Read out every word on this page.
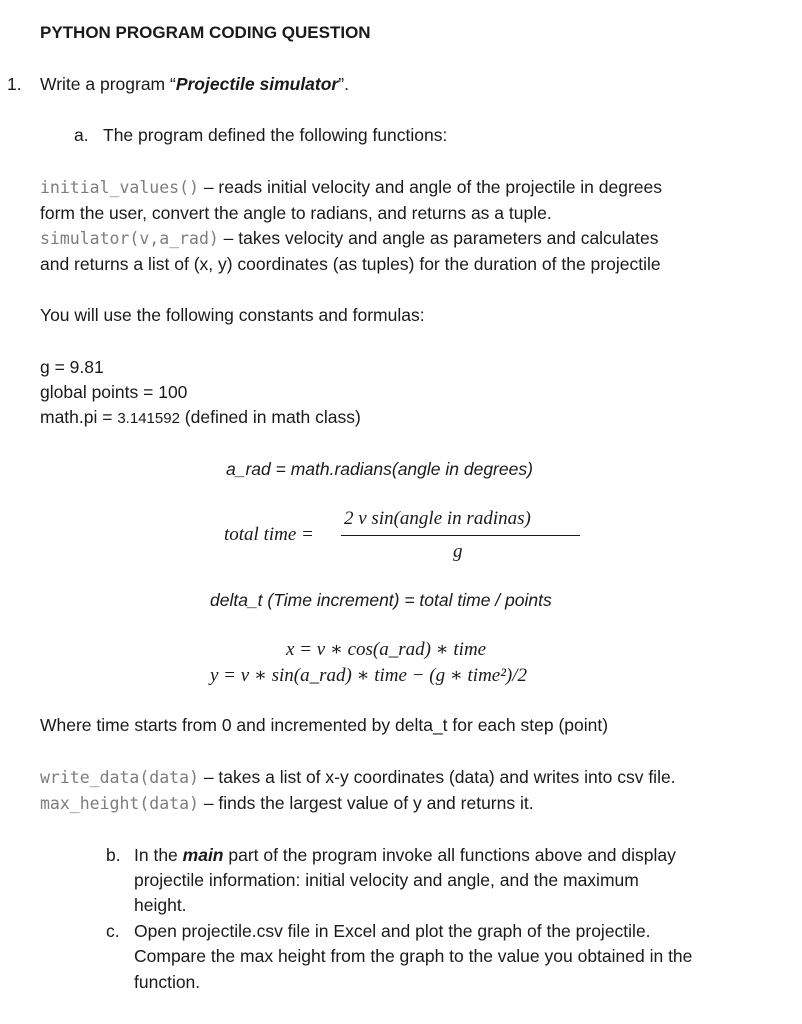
PYTHON PROGRAM CODING QUESTION
1. Write a program “Projectile simulator”.
a. The program defined the following functions:
initial_values() – reads initial velocity and angle of the projectile in degrees
form the user, convert the angle to radians, and returns as a tuple.
simulator(v,a_rad) – takes velocity and angle as parameters and calculates
and returns a list of (x, y) coordinates (as tuples) for the duration of the projectile
You will use the following constants and formulas:
g = 9.81
global points = 100
math.pi = 3.141592 (defined in math class)
a_rad = math.radians(angle in degrees)
total time =
2 v sin(angle in radinas)
g
delta_t (Time increment) = total time / points
x = v ∗ cos(a_rad) ∗ time
y = v ∗ sin(a_rad) ∗ time − (g ∗ time²)/2
Where time starts from 0 and incremented by delta_t for each step (point)
write_data(data) – takes a list of x-y coordinates (data) and writes into csv file.
max_height(data) – finds the largest value of y and returns it.
b. In the main part of the program invoke all functions above and display
projectile information: initial velocity and angle, and the maximum
height.
c. Open projectile.csv file in Excel and plot the graph of the projectile.
Compare the max height from the graph to the value you obtained in the
function.
